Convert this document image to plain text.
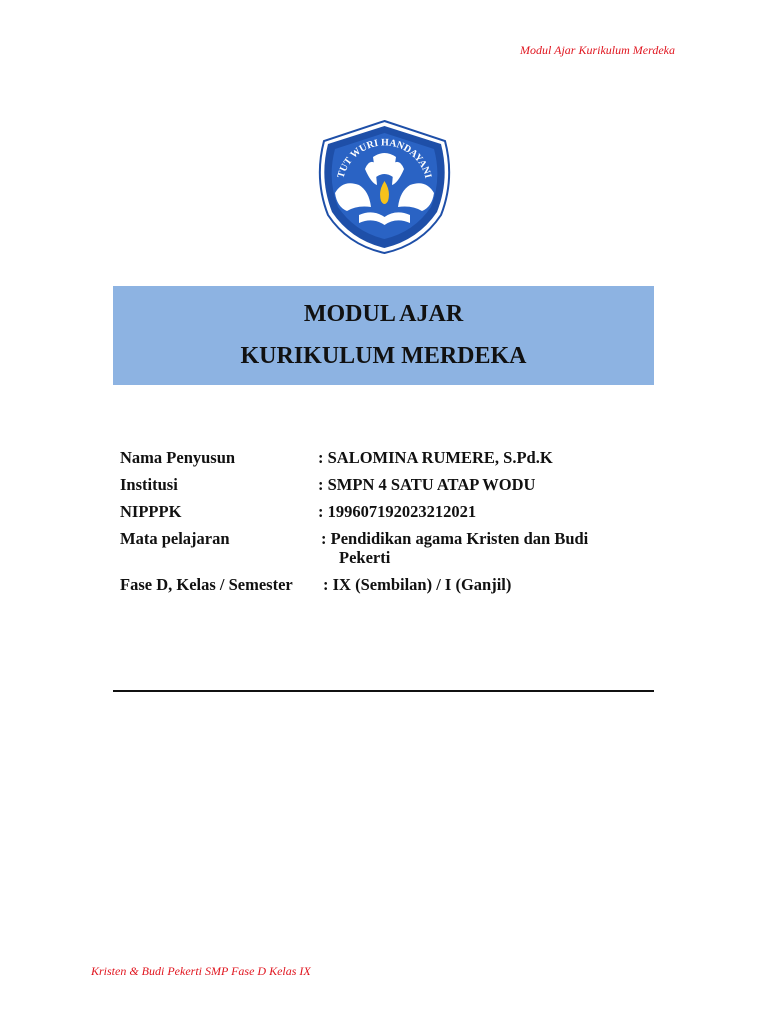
Modul Ajar Kurikulum Merdeka
TUT WURI HANDAYANI
MODUL AJAR
KURIKULUM MERDEKA
Nama Penyusun	: SALOMINA RUMERE, S.Pd.K
Institusi	: SMPN 4 SATU ATAP WODU
NIPPPK	: 199607192023212021
Mata pelajaran	: Pendidikan agama Kristen dan Budi
Pekerti
Fase D, Kelas / Semester : IX (Sembilan) / I (Ganjil)
Kristen & Budi Pekerti SMP Fase D Kelas IX
